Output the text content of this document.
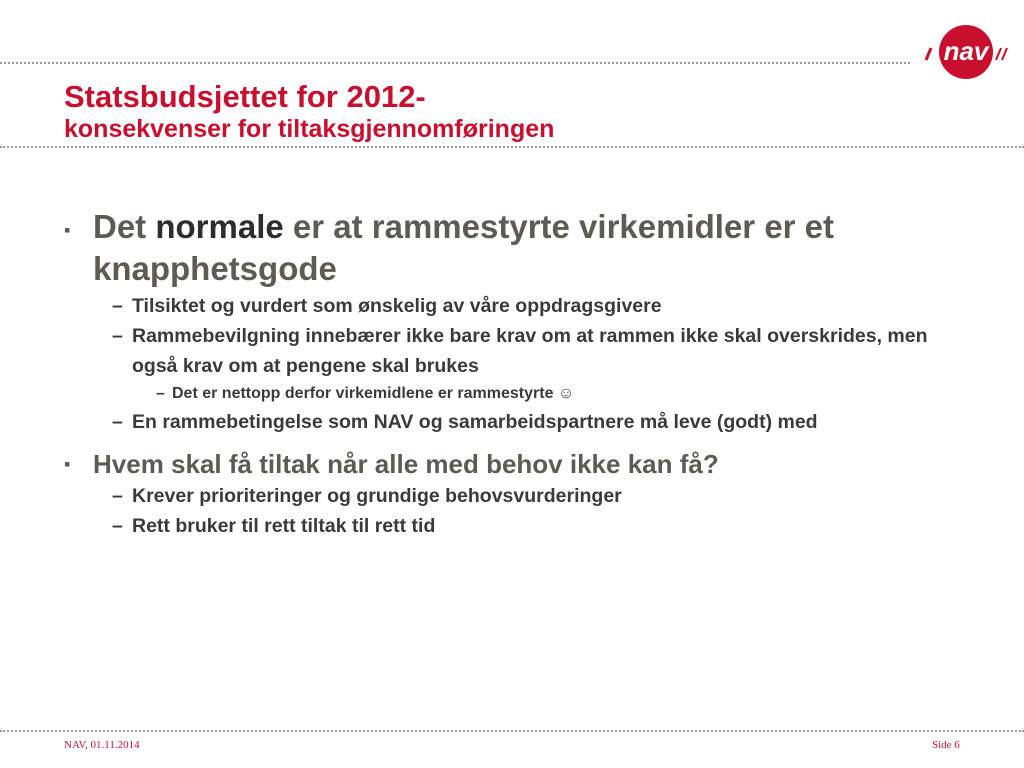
nav
Statsbudsjettet for 2012-
konsekvenser for tiltaksgjennomføringen
▪ Det normale er at rammestyrte virkemidler er et knapphetsgode
– Tilsiktet og vurdert som ønskelig av våre oppdragsgivere
– Rammebevilgning innebærer ikke bare krav om at rammen ikke skal overskrides, men også krav om at pengene skal brukes
– Det er nettopp derfor virkemidlene er rammestyrte ☺
– En rammebetingelse som NAV og samarbeidspartnere må leve (godt) med
▪ Hvem skal få tiltak når alle med behov ikke kan få?
– Krever prioriteringer og grundige behovsvurderinger
– Rett bruker til rett tiltak til rett tid
NAV, 01.11.2014	Side 6
